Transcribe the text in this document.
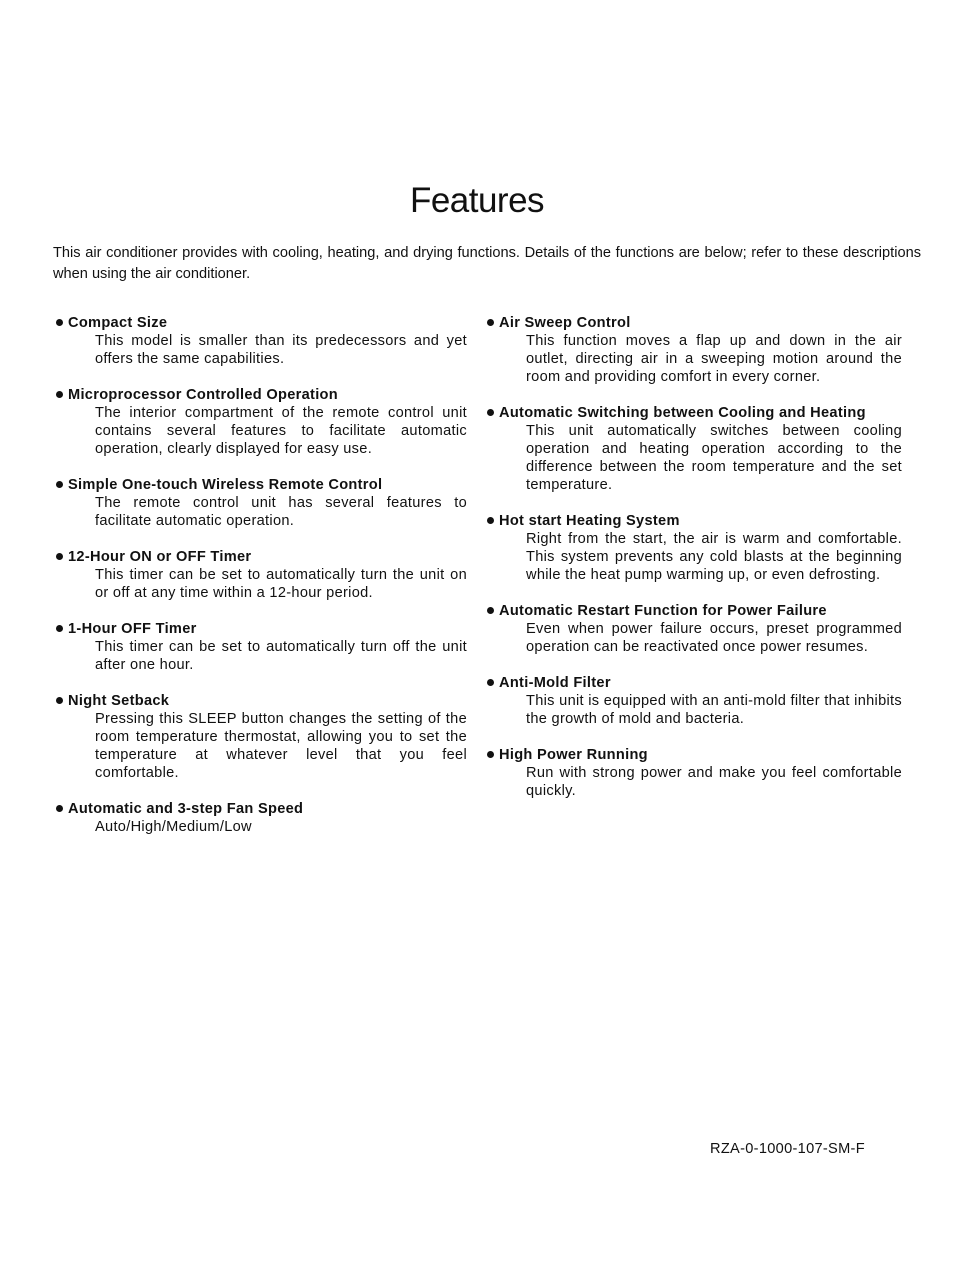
Features

This air conditioner provides with cooling, heating, and drying functions. Details of the functions are below; refer to these descriptions when using the air conditioner.

Compact Size

This model is smaller than its predecessors and yet offers the same capabilities.

Microprocessor Controlled Operation

The interior compartment of the remote control unit contains several features to facilitate automatic operation, clearly displayed for easy use.

Simple One-touch Wireless Remote Control

The remote control unit has several features to facilitate automatic operation.

12-Hour ON or OFF Timer

This timer can be set to automatically turn the unit on or off at any time within a 12-hour period.

1-Hour OFF Timer

This timer can be set to automatically turn off the unit after one hour.

Night Setback

Pressing this SLEEP button changes the setting of the room temperature thermostat, allowing you to set the temperature at whatever level that you feel comfortable.

Automatic and 3-step Fan Speed

Auto/High/Medium/Low

Air Sweep Control

This function moves a flap up and down in the air outlet, directing air in a sweeping motion around the room and providing comfort in every corner.

Automatic Switching between Cooling and Heating

This unit automatically switches between cooling operation and heating operation according to the difference between the room temperature and the set temperature.

Hot start Heating System

Right from the start, the air is warm and comfortable. This system prevents any cold blasts at the beginning while the heat pump warming up, or even defrosting.

Automatic Restart Function for Power Failure

Even when power failure occurs, preset programmed operation can be reactivated once power resumes.

Anti-Mold Filter

This unit is equipped with an anti-mold filter that inhibits the growth of mold and bacteria.

High Power Running

Run with strong power and make you feel comfortable quickly.

RZA-0-1000-107-SM-F
